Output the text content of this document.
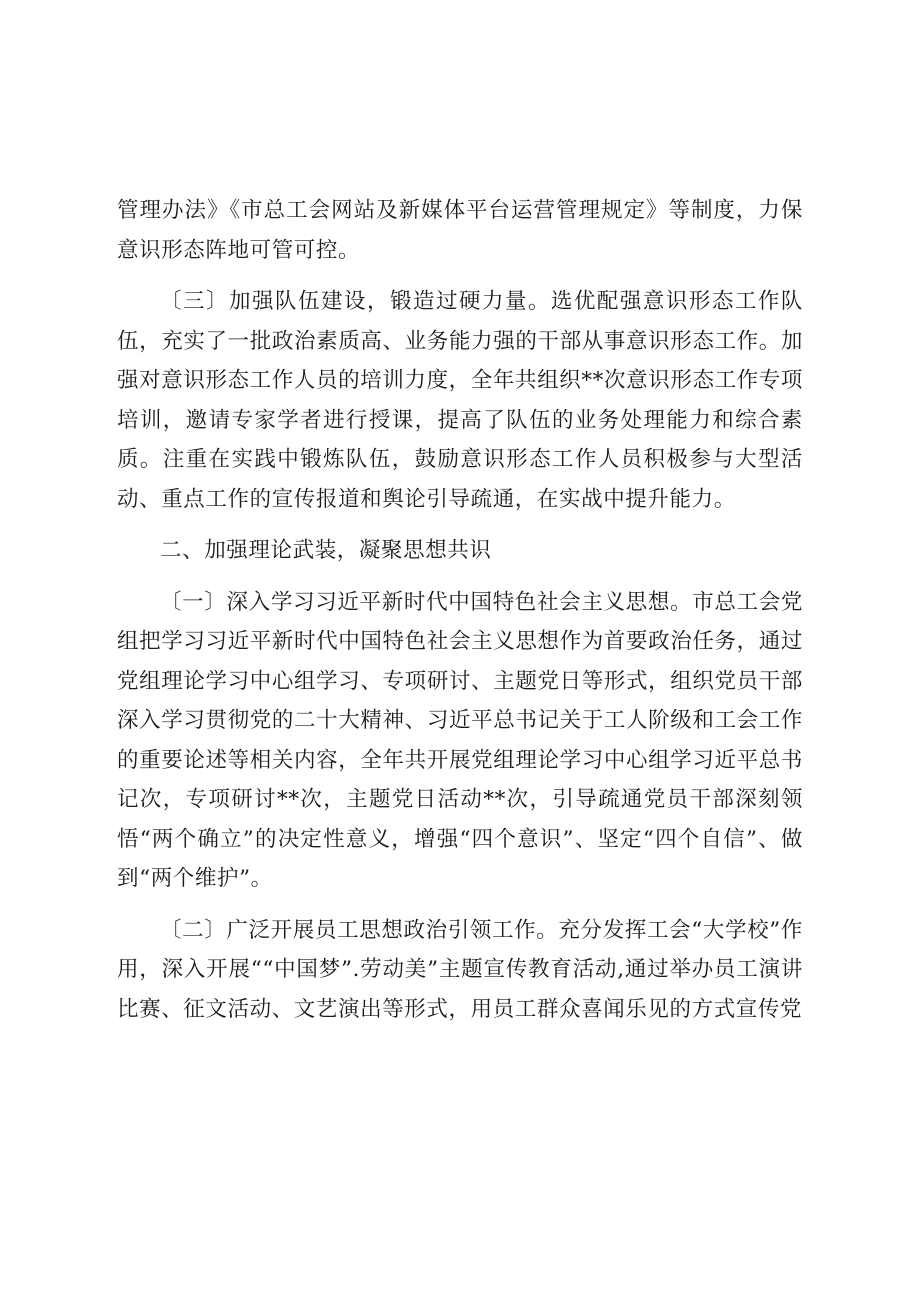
管理办法》《市总工会网站及新媒体平台运营管理规定》等制度，力保意识形态阵地可管可控。

〔三〕加强队伍建设，锻造过硬力量。选优配强意识形态工作队伍，充实了一批政治素质高、业务能力强的干部从事意识形态工作。加强对意识形态工作人员的培训力度，全年共组织**次意识形态工作专项培训，邀请专家学者进行授课，提高了队伍的业务处理能力和综合素质。注重在实践中锻炼队伍，鼓励意识形态工作人员积极参与大型活动、重点工作的宣传报道和舆论引导疏通，在实战中提升能力。

二、加强理论武装，凝聚思想共识

〔一〕深入学习习近平新时代中国特色社会主义思想。市总工会党组把学习习近平新时代中国特色社会主义思想作为首要政治任务，通过党组理论学习中心组学习、专项研讨、主题党日等形式，组织党员干部深入学习贯彻党的二十大精神、习近平总书记关于工人阶级和工会工作的重要论述等相关内容，全年共开展党组理论学习中心组学习近平总书记次，专项研讨**次，主题党日活动**次，引导疏通党员干部深刻领悟“两个确立”的决定性意义，增强“四个意识”、坚定“四个自信”、做到“两个维护”。

〔二〕广泛开展员工思想政治引领工作。充分发挥工会“大学校”作用，深入开展““中国梦”.劳动美”主题宣传教育活动,通过举办员工演讲比赛、征文活动、文艺演出等形式，用员工群众喜闻乐见的方式宣传党
